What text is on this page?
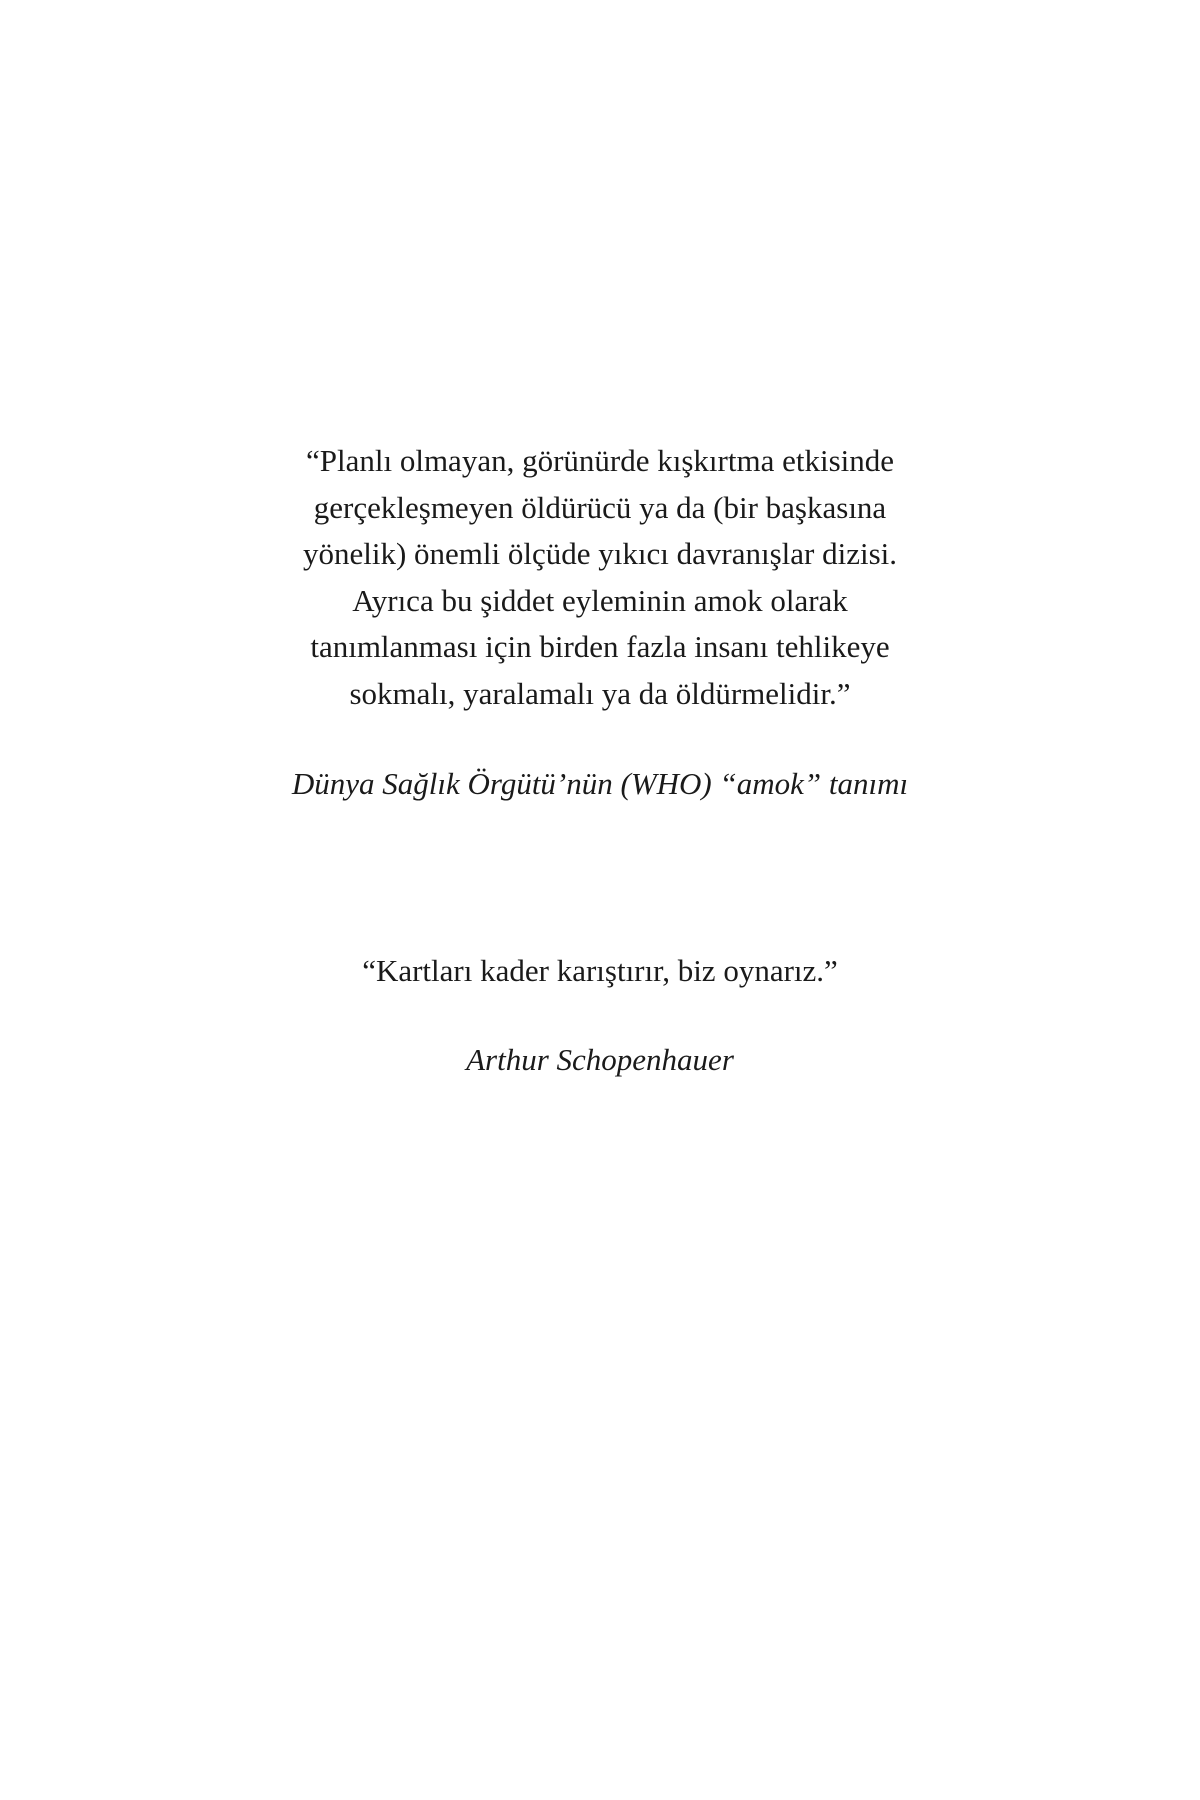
“Planlı olmayan, görünürde kışkırtma etkisinde
gerçekleşmeyen öldürücü ya da (bir başkasına
yönelik) önemli ölçüde yıkıcı davranışlar dizisi.
Ayrıca bu şiddet eyleminin amok olarak
tanımlanması için birden fazla insanı tehlikeye
sokmalı, yaralamalı ya da öldürmelidir.”
Dünya Sağlık Örgütü’nün (WHO) “amok” tanımı
“Kartları kader karıştırır, biz oynarız.”
Arthur Schopenhauer
